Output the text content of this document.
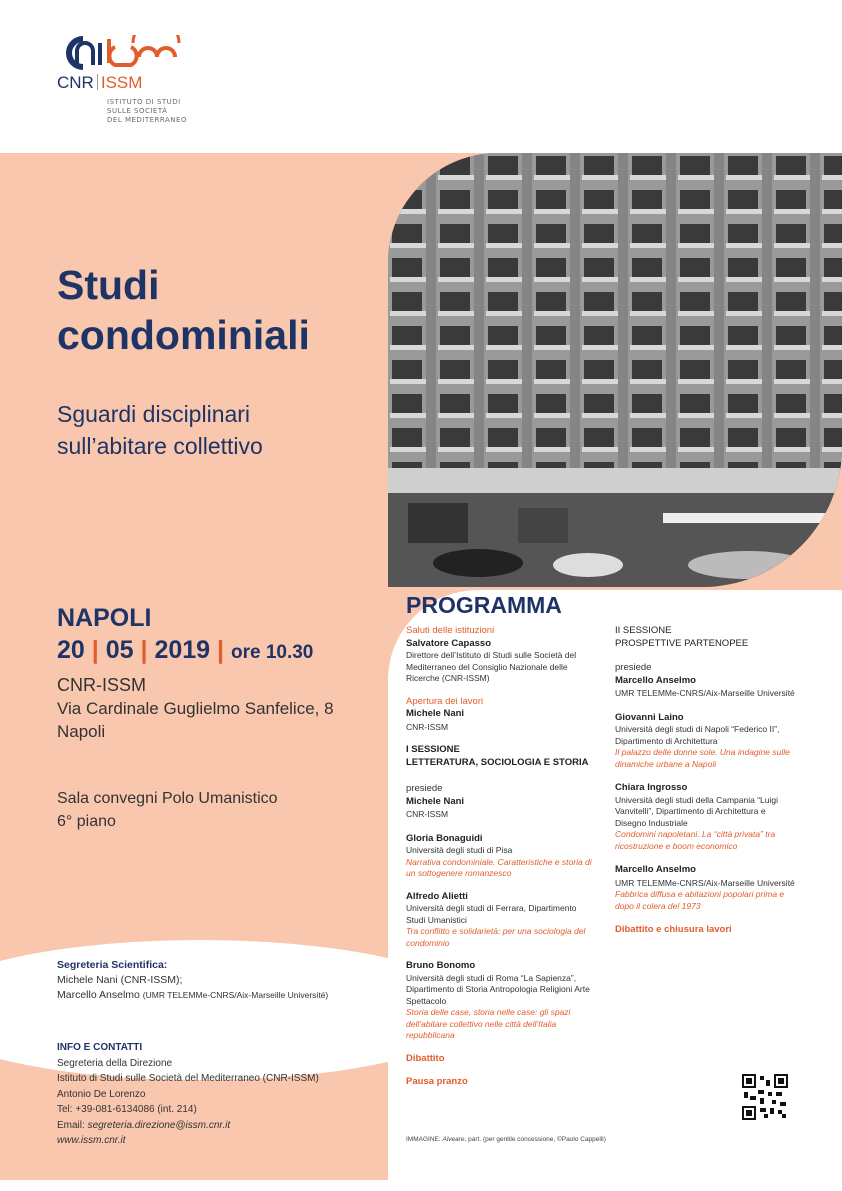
CNR ISSM
ISTITUTO DI STUDI
SULLE SOCIETÀ
DEL MEDITERRANEO
Studi
condominiali
Sguardi disciplinari
sull’abitare collettivo
NAPOLI
20 | 05 | 2019 | ore 10.30
CNR-ISSM
Via Cardinale Guglielmo Sanfelice, 8
Napoli
Sala convegni Polo Umanistico
6° piano
Segreteria Scientifica:
Michele Nani (CNR-ISSM);
Marcello Anselmo (UMR TELEMMe-CNRS/Aix-Marseille Université)
INFO E CONTATTI
Segreteria della Direzione
Istituto di Studi sulle Società del Mediterraneo (CNR-ISSM)
Antonio De Lorenzo
Tel: +39-081-6134086 (int. 214)
Email: segreteria.direzione@issm.cnr.it
www.issm.cnr.it
PROGRAMMA
Saluti delle istituzioni
Salvatore Capasso
Direttore dell’Istituto di Studi sulle Società del Mediterraneo del Consiglio Nazionale delle Ricerche (CNR-ISSM)
Apertura dei lavori
Michele Nani
CNR-ISSM
I SESSIONE
LETTERATURA, SOCIOLOGIA E STORIA
presiede
Michele Nani
CNR-ISSM
Gloria Bonaguidi
Università degli studi di Pisa
Narrativa condominiale. Caratteristiche e storia di un sottogenere romanzesco
Alfredo Alietti
Università degli studi di Ferrara, Dipartimento Studi Umanistici
Tra conflitto e solidarietà: per una sociologia del condominio
Bruno Bonomo
Università degli studi di Roma “La Sapienza”, Dipartimento di Storia Antropologia Religioni Arte Spettacolo
Storia delle case, storia nelle case: gli spazi dell’abitare collettivo nelle città dell’Italia repubblicana
Dibattito
Pausa pranzo
II SESSIONE
PROSPETTIVE PARTENOPEE
presiede
Marcello Anselmo
UMR TELEMMe-CNRS/Aix-Marseille Université
Giovanni Laino
Università degli studi di Napoli “Federico II”, Dipartimento di Architettura
Il palazzo delle donne sole. Una indagine sulle dinamiche urbane a Napoli
Chiara Ingrosso
Università degli studi della Campania “Luigi Vanvitelli”, Dipartimento di Architettura e Disegno Industriale
Condomini napoletani. La “città privata” tra ricostruzione e boom economico
Marcello Anselmo
UMR TELEMMe-CNRS/Aix-Marseille Université
Fabbrica diffusa e abitazioni popolari prima e dopo il colera del 1973
Dibattito e chiusura lavori
IMMAGINE: Alveare, part. (per gentile concessione, ©Paolo Cappelli)
